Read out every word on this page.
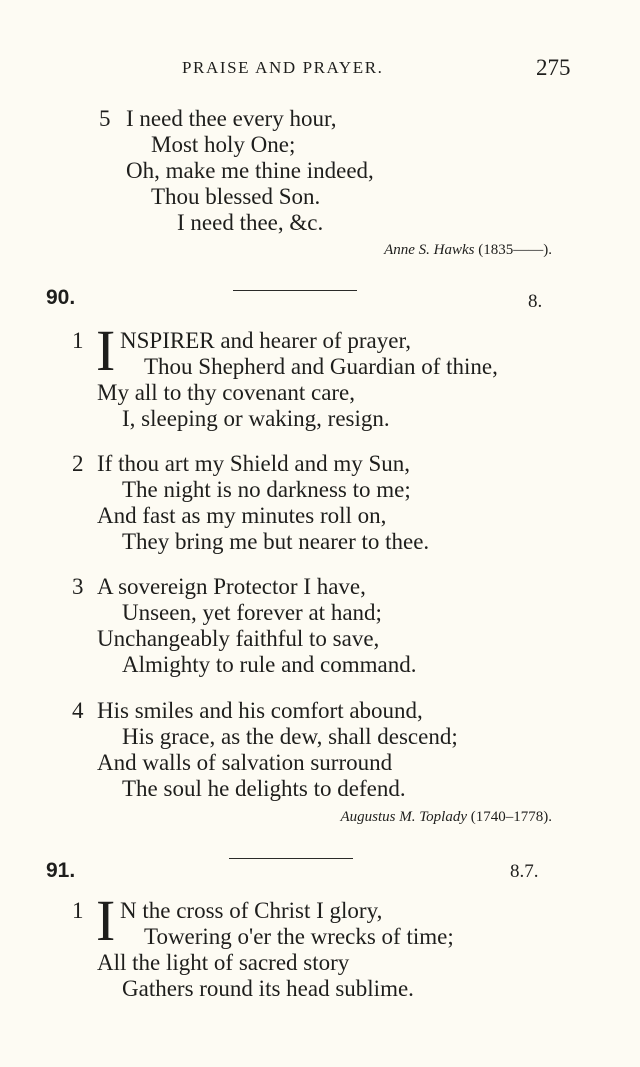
PRAISE AND PRAYER.	275
5 I need thee every hour,
Most holy One;
Oh, make me thine indeed,
Thou blessed Son.
I need thee, &c.
Anne S. Hawks (1835——).
90.	8.
1 I NSPIRER and hearer of prayer,
Thou Shepherd and Guardian of thine,
My all to thy covenant care,
I, sleeping or waking, resign.
2 If thou art my Shield and my Sun,
The night is no darkness to me;
And fast as my minutes roll on,
They bring me but nearer to thee.
3 A sovereign Protector I have,
Unseen, yet forever at hand;
Unchangeably faithful to save,
Almighty to rule and command.
4 His smiles and his comfort abound,
His grace, as the dew, shall descend;
And walls of salvation surround
The soul he delights to defend.
Augustus M. Toplady (1740–1778).
91.	8.7.
1 I N the cross of Christ I glory,
Towering o'er the wrecks of time;
All the light of sacred story
Gathers round its head sublime.
